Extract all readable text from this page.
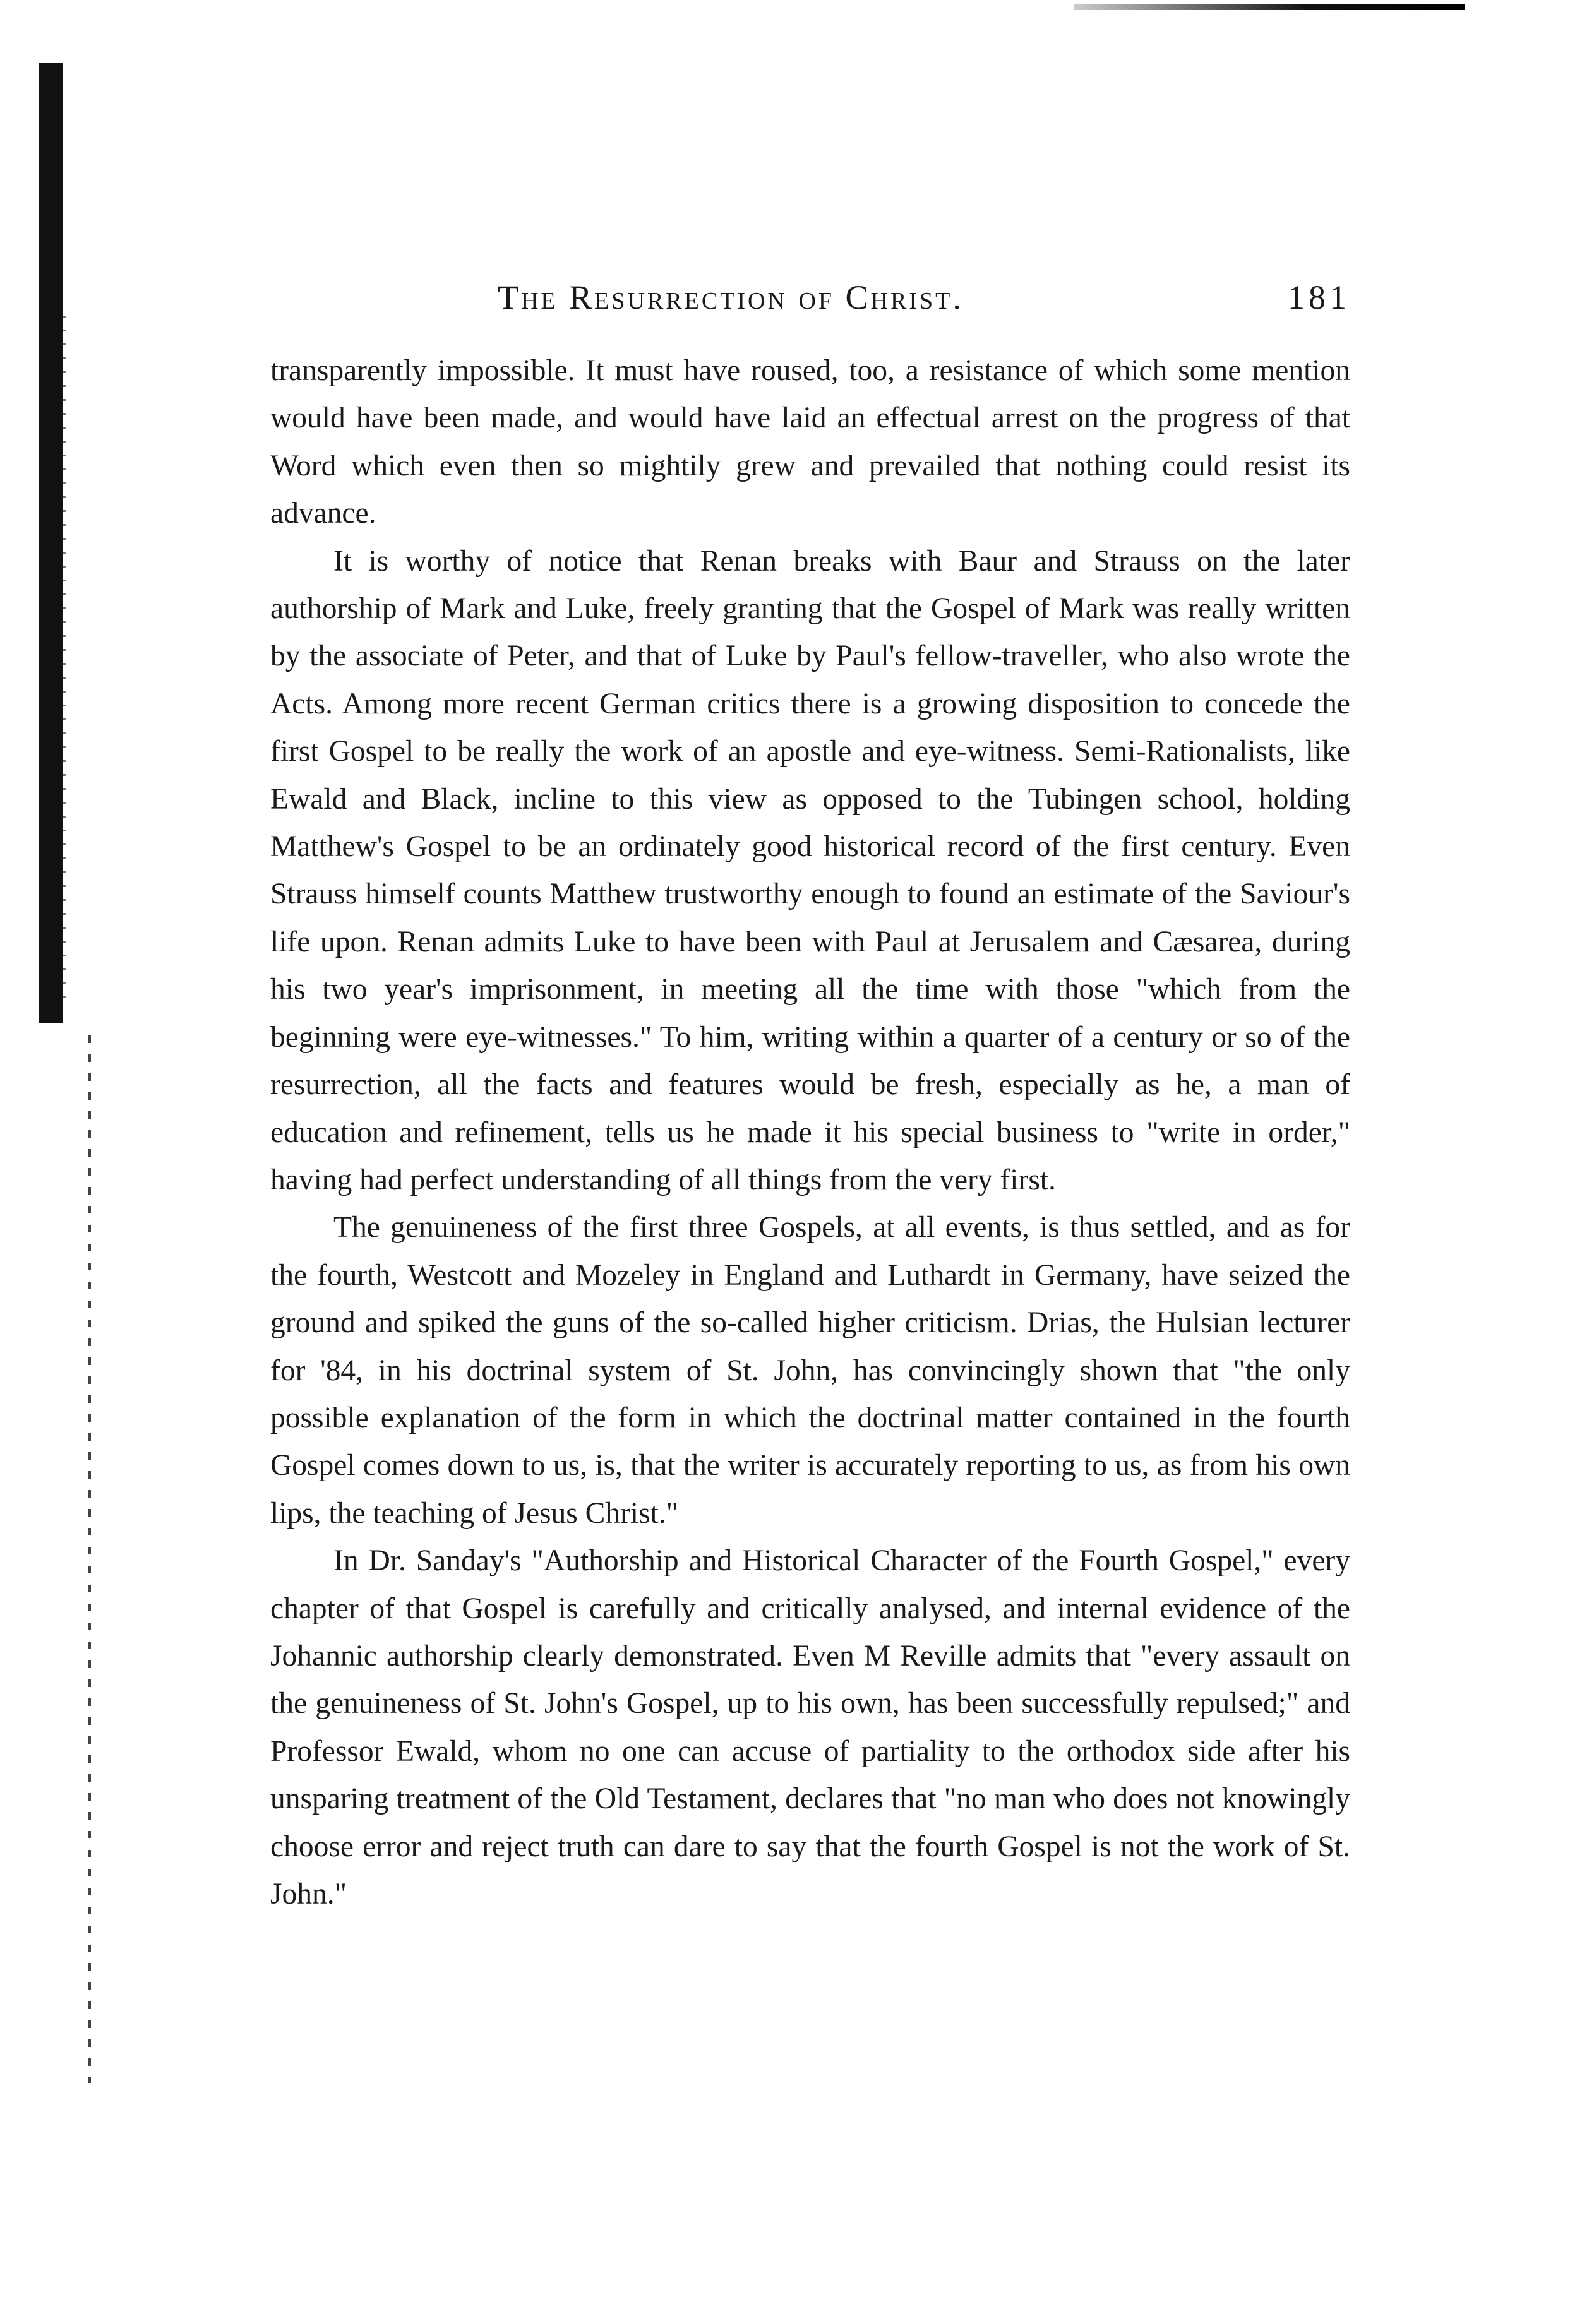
The Resurrection of Christ.	181

transparently impossible. It must have roused, too, a resistance of which some mention would have been made, and would have laid an effectual arrest on the progress of that Word which even then so mightily grew and prevailed that nothing could resist its advance.

It is worthy of notice that Renan breaks with Baur and Strauss on the later authorship of Mark and Luke, freely granting that the Gospel of Mark was really written by the associate of Peter, and that of Luke by Paul's fellow-traveller, who also wrote the Acts. Among more recent German critics there is a growing disposition to concede the first Gospel to be really the work of an apostle and eye-witness. Semi-Rationalists, like Ewald and Black, incline to this view as opposed to the Tubingen school, holding Matthew's Gospel to be an ordinately good historical record of the first century. Even Strauss himself counts Matthew trustworthy enough to found an estimate of the Saviour's life upon. Renan admits Luke to have been with Paul at Jerusalem and Cæsarea, during his two year's imprisonment, in meeting all the time with those "which from the beginning were eye-witnesses." To him, writing within a quarter of a century or so of the resurrection, all the facts and features would be fresh, especially as he, a man of education and refinement, tells us he made it his special business to "write in order," having had perfect understanding of all things from the very first.

The genuineness of the first three Gospels, at all events, is thus settled, and as for the fourth, Westcott and Mozeley in England and Luthardt in Germany, have seized the ground and spiked the guns of the so-called higher criticism. Drias, the Hulsian lecturer for '84, in his doctrinal system of St. John, has convincingly shown that "the only possible explanation of the form in which the doctrinal matter contained in the fourth Gospel comes down to us, is, that the writer is accurately reporting to us, as from his own lips, the teaching of Jesus Christ."

In Dr. Sanday's "Authorship and Historical Character of the Fourth Gospel," every chapter of that Gospel is carefully and critically analysed, and internal evidence of the Johannic authorship clearly demonstrated. Even M Reville admits that "every assault on the genuineness of St. John's Gospel, up to his own, has been successfully repulsed;" and Professor Ewald, whom no one can accuse of partiality to the orthodox side after his unsparing treatment of the Old Testament, declares that "no man who does not knowingly choose error and reject truth can dare to say that the fourth Gospel is not the work of St. John."
